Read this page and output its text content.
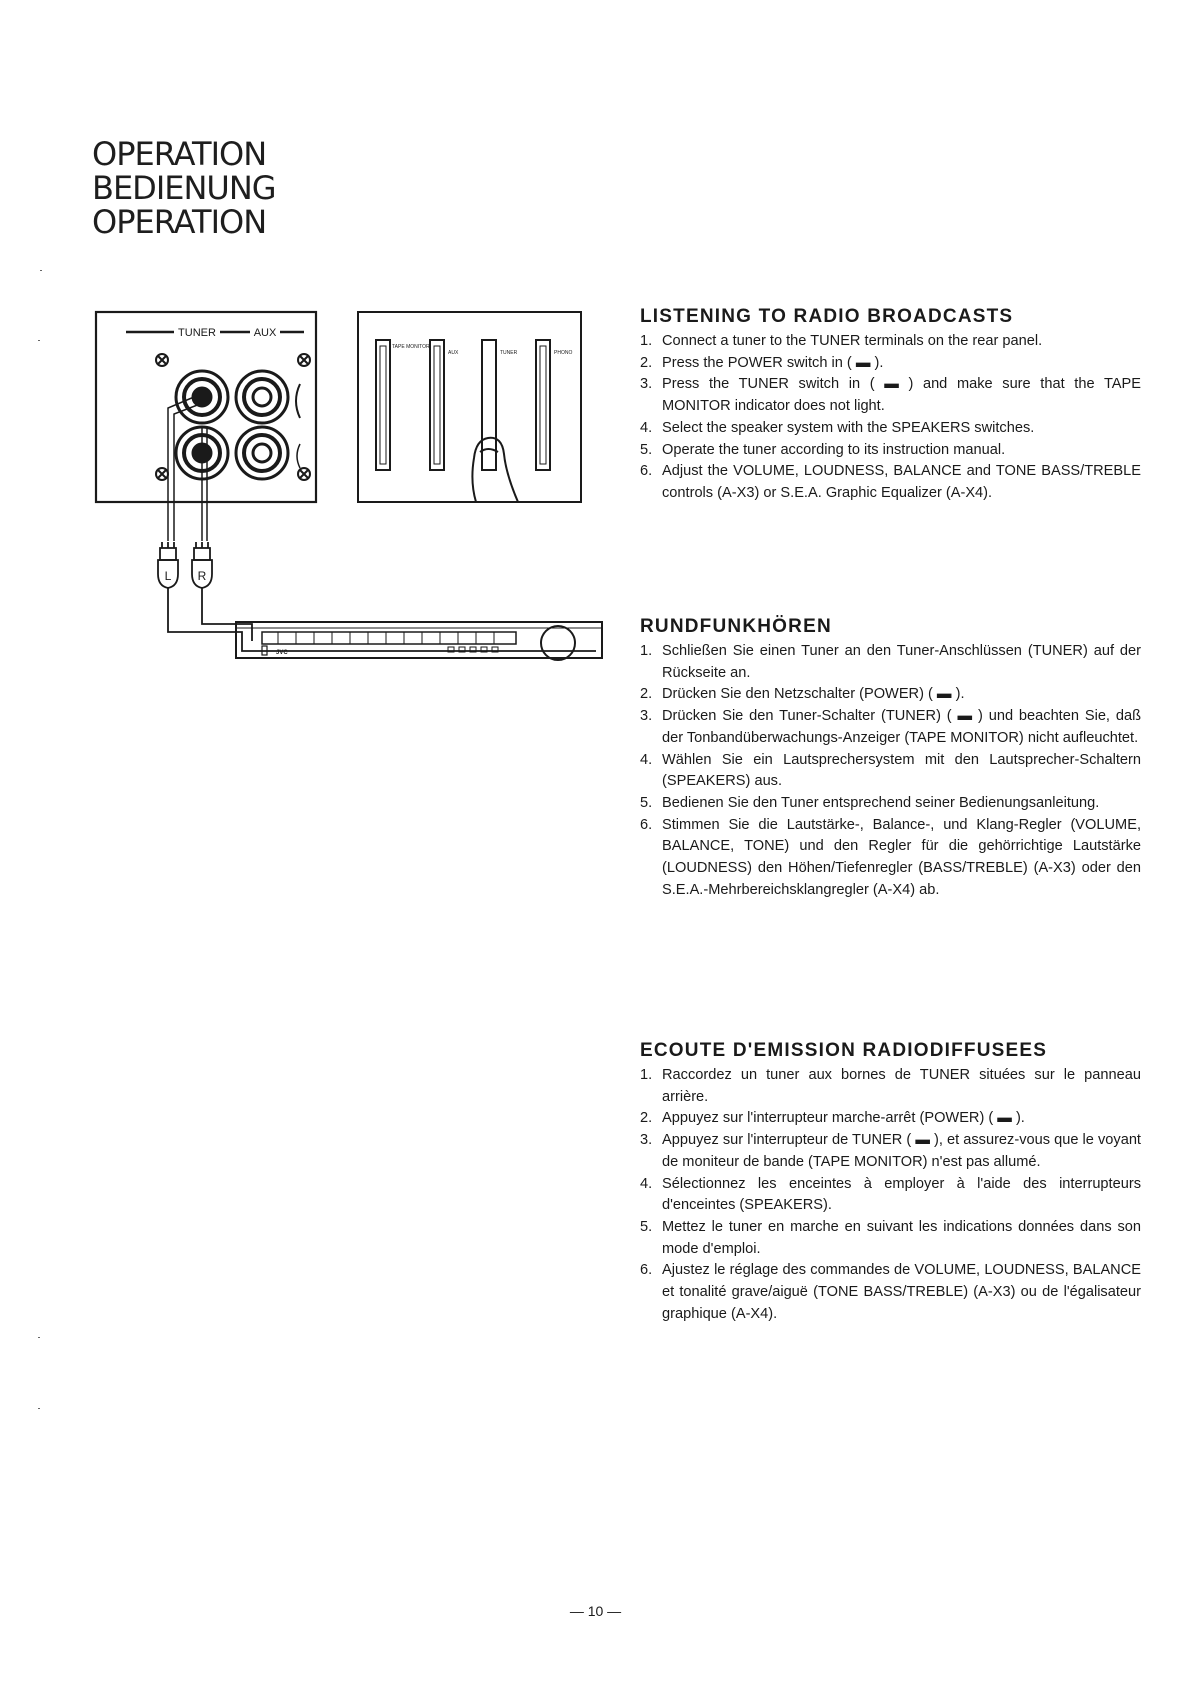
OPERATION
BEDIENUNG
OPERATION
TUNER	AUX
L R
TAPE MONITOR
AUX	TUNER	PHONO
JVC
LISTENING TO RADIO BROADCASTS
1. Connect a tuner to the TUNER terminals on the rear panel.
2. Press the POWER switch in ( ▬ ).
3. Press the TUNER switch in ( ▬ ) and make sure that the TAPE MONITOR indicator does not light.
4. Select the speaker system with the SPEAKERS switches.
5. Operate the tuner according to its instruction manual.
6. Adjust the VOLUME, LOUDNESS, BALANCE and TONE BASS/TREBLE controls (A-X3) or S.E.A. Graphic Equalizer (A-X4).
RUNDFUNKHÖREN
1. Schließen Sie einen Tuner an den Tuner-Anschlüssen (TUNER) auf der Rückseite an.
2. Drücken Sie den Netzschalter (POWER) ( ▬ ).
3. Drücken Sie den Tuner-Schalter (TUNER) ( ▬ ) und beachten Sie, daß der Tonbandüberwachungs-Anzeiger (TAPE MONITOR) nicht aufleuchtet.
4. Wählen Sie ein Lautsprechersystem mit den Lautsprecher-Schaltern (SPEAKERS) aus.
5. Bedienen Sie den Tuner entsprechend seiner Bedienungsanleitung.
6. Stimmen Sie die Lautstärke-, Balance-, und Klang-Regler (VOLUME, BALANCE, TONE) und den Regler für die gehörrichtige Lautstärke (LOUDNESS) den Höhen/Tiefenregler (BASS/TREBLE) (A-X3) oder den S.E.A.-Mehrbereichsklangregler (A-X4) ab.
ECOUTE D'EMISSION RADIODIFFUSEES
1. Raccordez un tuner aux bornes de TUNER situées sur le panneau arrière.
2. Appuyez sur l'interrupteur marche-arrêt (POWER) ( ▬ ).
3. Appuyez sur l'interrupteur de TUNER ( ▬ ), et assurez-vous que le voyant de moniteur de bande (TAPE MONITOR) n'est pas allumé.
4. Sélectionnez les enceintes à employer à l'aide des interrupteurs d'enceintes (SPEAKERS).
5. Mettez le tuner en marche en suivant les indications données dans son mode d'emploi.
6. Ajustez le réglage des commandes de VOLUME, LOUDNESS, BALANCE et tonalité grave/aiguë (TONE BASS/TREBLE) (A-X3) ou de l'égalisateur graphique (A-X4).
— 10 —
